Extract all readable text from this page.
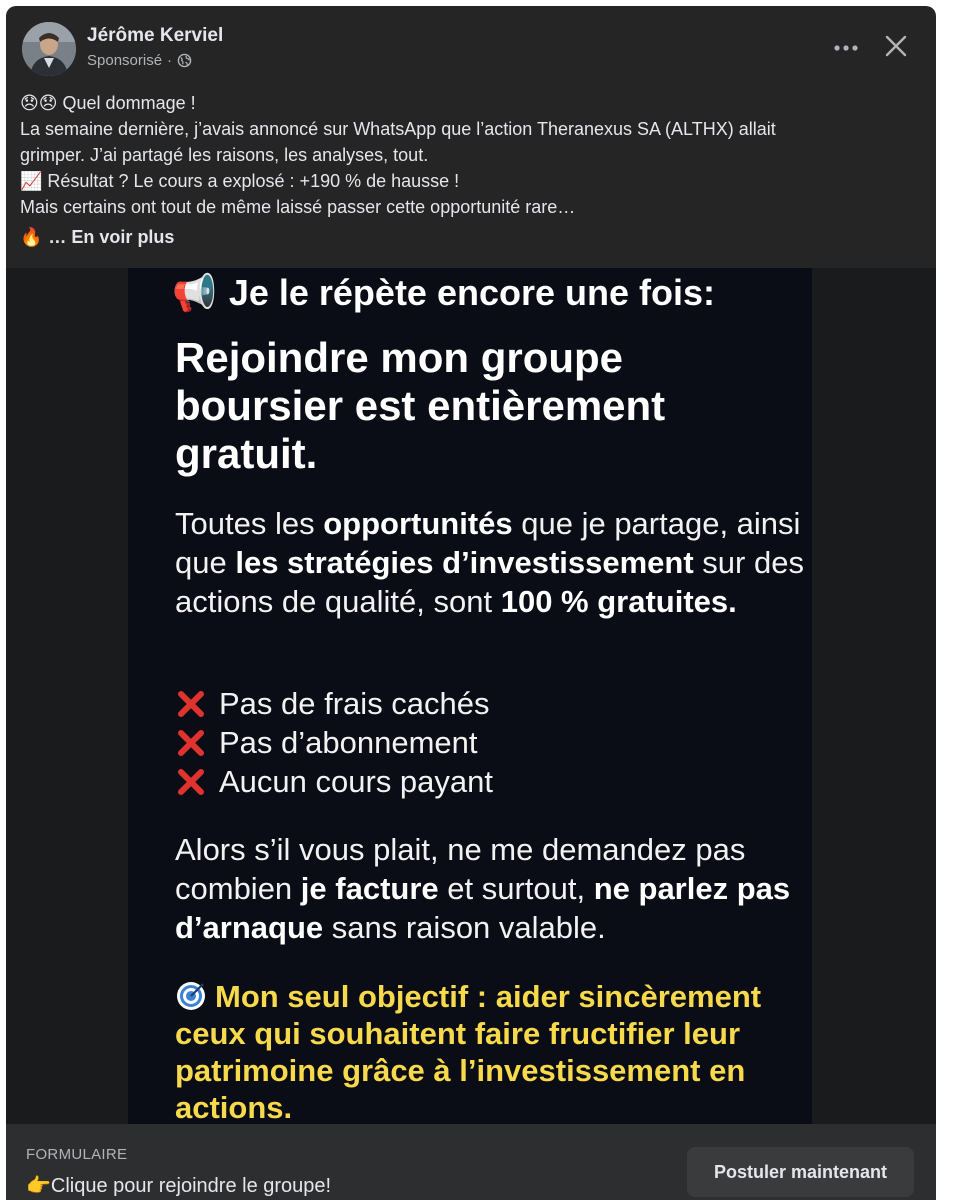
Jérôme Kerviel
Sponsorisé ·

😞😞 Quel dommage !

La semaine dernière, j’avais annoncé sur WhatsApp que l’action Theranexus SA (ALTHX) allait

grimper. J’ai partagé les raisons, les analyses, tout.

📈 Résultat ? Le cours a explosé : +190 % de hausse !

Mais certains ont tout de même laissé passer cette opportunité rare…

🔥 … En voir plus
📢 Je le répète encore une fois:
Rejoindre mon groupe boursier est entièrement gratuit.
Toutes les opportunités que je partage, ainsi que les stratégies d’investissement sur des actions de qualité, sont 100 % gratuites.
Pas de frais cachés
Pas d’abonnement
Aucun cours payant
Alors s’il vous plait, ne me demandez pas combien je facture et surtout, ne parlez pas d’arnaque sans raison valable.
Mon seul objectif : aider sincèrement ceux qui souhaitent faire fructifier leur patrimoine grâce à l’investissement en actions.
FORMULAIRE
👉Clique pour rejoindre le groupe!
Postuler maintenant
